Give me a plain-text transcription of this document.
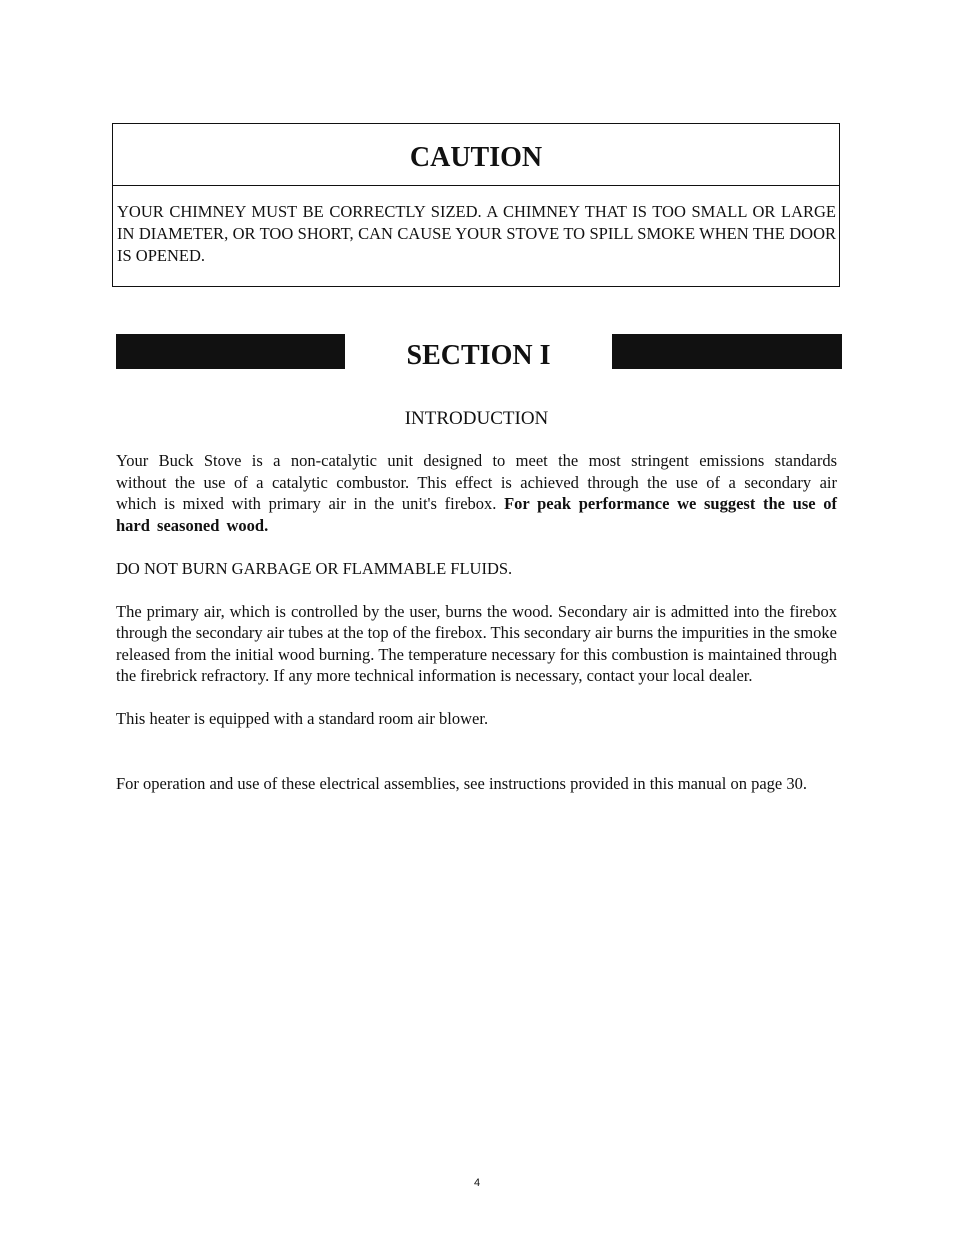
CAUTION
YOUR CHIMNEY MUST BE CORRECTLY SIZED. A CHIMNEY THAT IS TOO SMALL OR LARGE IN DIAMETER, OR TOO SHORT, CAN CAUSE YOUR STOVE TO SPILL SMOKE WHEN THE DOOR IS OPENED.
SECTION I
INTRODUCTION

Your Buck Stove is a non-catalytic unit designed to meet the most stringent emissions standards without the use of a catalytic combustor. This effect is achieved through the use of a secondary air which is mixed with primary air in the unit's firebox. For peak performance we suggest the use of hard seasoned wood.

DO NOT BURN GARBAGE OR FLAMMABLE FLUIDS.

The primary air, which is controlled by the user, burns the wood. Secondary air is admitted into the firebox through the secondary air tubes at the top of the firebox. This secondary air burns the impurities in the smoke released from the initial wood burning. The temperature necessary for this combustion is maintained through the firebrick refractory. If any more technical information is necessary, contact your local dealer.

This heater is equipped with a standard room air blower.

For operation and use of these electrical assemblies, see instructions provided in this manual on page 30.

4
